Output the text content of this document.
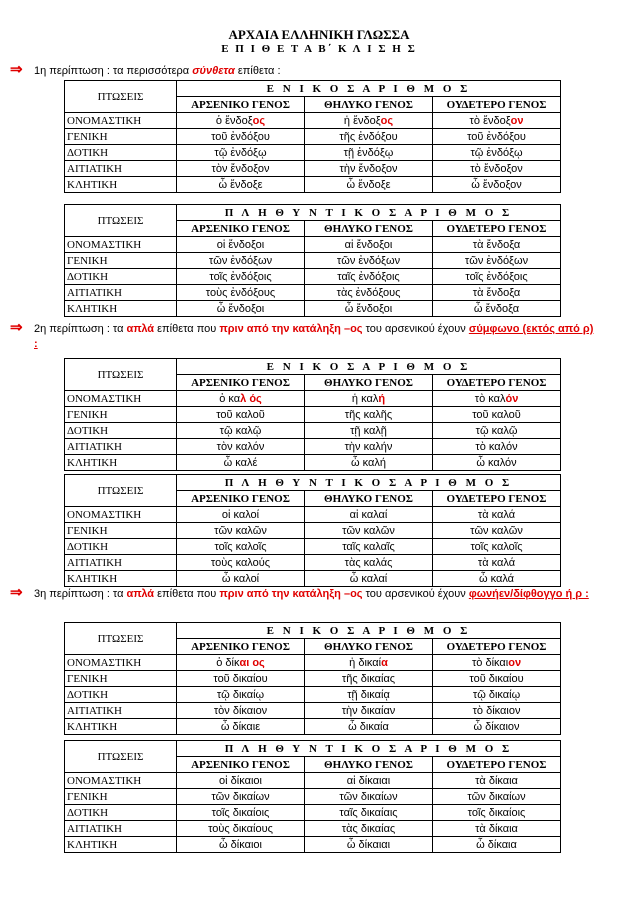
ΑΡΧΑΙΑ ΕΛΛΗΝΙΚΗ ΓΛΩΣΣΑ
Ε Π Ι Θ Ε Τ Α Β΄ Κ Λ Ι Σ Η Σ
⇒ 1η περίπτωση : τα περισσότερα σύνθετα επίθετα :
ΠΤΩΣΕΙΣ	Ε Ν Ι Κ Ο Σ Α Ρ Ι Θ Μ Ο Σ		
	ΑΡΣΕΝΙΚΟ ΓΕΝΟΣ	ΘΗΛΥΚΟ ΓΕΝΟΣ	ΟΥΔΕΤΕΡΟ ΓΕΝΟΣ
ΟΝΟΜΑΣΤΙΚΗ	ὁ ἔνδοξος	ἡ ἔνδοξος	τὸ ἔνδοξον
ΓΕΝΙΚΗ	τοῦ ἐνδόξου	τῆς ἐνδόξου	τοῦ ἐνδόξου
ΔΟΤΙΚΗ	τῷ ἐνδόξῳ	τῇ ἐνδόξῳ	τῷ ἐνδόξῳ
ΑΙΤΙΑΤΙΚΗ	τὸν ἔνδοξον	τὴν ἔνδοξον	τὸ ἔνδοξον
ΚΛΗΤΙΚΗ	ὦ ἔνδοξε	ὦ ἔνδοξε	ὦ ἔνδοξον
ΠΤΩΣΕΙΣ	Π Λ Η Θ Υ Ν Τ Ι Κ Ο Σ Α Ρ Ι Θ Μ Ο Σ		
	ΑΡΣΕΝΙΚΟ ΓΕΝΟΣ	ΘΗΛΥΚΟ ΓΕΝΟΣ	ΟΥΔΕΤΕΡΟ ΓΕΝΟΣ
ΟΝΟΜΑΣΤΙΚΗ	οἱ ἔνδοξοι	αἱ ἔνδοξοι	τὰ ἔνδοξα
ΓΕΝΙΚΗ	τῶν ἐνδόξων	τῶν ἐνδόξων	τῶν ἐνδόξων
ΔΟΤΙΚΗ	τοῖς ἐνδόξοις	ταῖς ἐνδόξοις	τοῖς ἐνδόξοις
ΑΙΤΙΑΤΙΚΗ	τοὺς ἐνδόξους	τὰς ἐνδόξους	τὰ ἔνδοξα
ΚΛΗΤΙΚΗ	ὦ ἔνδοξοι	ὦ ἔνδοξοι	ὦ ἔνδοξα
⇒ 2η περίπτωση : τα απλά επίθετα που πριν από την κατάληξη –ος του αρσενικού έχουν σύμφωνο (εκτός από ρ) :
ΠΤΩΣΕΙΣ	Ε Ν Ι Κ Ο Σ Α Ρ Ι Θ Μ Ο Σ		
	ΑΡΣΕΝΙΚΟ ΓΕΝΟΣ	ΘΗΛΥΚΟ ΓΕΝΟΣ	ΟΥΔΕΤΕΡΟ ΓΕΝΟΣ
ΟΝΟΜΑΣΤΙΚΗ	ὁ καλ ός	ἡ καλή	τὸ καλόν
ΓΕΝΙΚΗ	τοῦ καλοῦ	τῆς καλῆς	τοῦ καλοῦ
ΔΟΤΙΚΗ	τῷ καλῷ	τῇ καλῇ	τῷ καλῷ
ΑΙΤΙΑΤΙΚΗ	τὸν καλόν	τὴν καλήν	τὸ καλόν
ΚΛΗΤΙΚΗ	ὦ καλέ	ὦ καλή	ὦ καλόν
ΠΤΩΣΕΙΣ	Π Λ Η Θ Υ Ν Τ Ι Κ Ο Σ Α Ρ Ι Θ Μ Ο Σ		
	ΑΡΣΕΝΙΚΟ ΓΕΝΟΣ	ΘΗΛΥΚΟ ΓΕΝΟΣ	ΟΥΔΕΤΕΡΟ ΓΕΝΟΣ
ΟΝΟΜΑΣΤΙΚΗ	οἱ καλοί	αἱ καλαί	τὰ καλά
ΓΕΝΙΚΗ	τῶν καλῶν	τῶν καλῶν	τῶν καλῶν
ΔΟΤΙΚΗ	τοῖς καλοῖς	ταῖς καλαῖς	τοῖς καλοῖς
ΑΙΤΙΑΤΙΚΗ	τοὺς καλούς	τὰς καλάς	τὰ καλά
ΚΛΗΤΙΚΗ	ὦ καλοί	ὦ καλαί	ὦ καλά
⇒ 3η περίπτωση : τα απλά επίθετα που πριν από την κατάληξη –ος του αρσενικού έχουν φωνήεν/δίφθογγο ή ρ :
ΠΤΩΣΕΙΣ	Ε Ν Ι Κ Ο Σ Α Ρ Ι Θ Μ Ο Σ		
	ΑΡΣΕΝΙΚΟ ΓΕΝΟΣ	ΘΗΛΥΚΟ ΓΕΝΟΣ	ΟΥΔΕΤΕΡΟ ΓΕΝΟΣ
ΟΝΟΜΑΣΤΙΚΗ	ὁ δίκαι ος	ἡ δικαία	τὸ δίκαιον
ΓΕΝΙΚΗ	τοῦ δικαίου	τῆς δικαίας	τοῦ δικαίου
ΔΟΤΙΚΗ	τῷ δικαίῳ	τῇ δικαίᾳ	τῷ δικαίῳ
ΑΙΤΙΑΤΙΚΗ	τὸν δίκαιον	τὴν δικαίαν	τὸ δίκαιον
ΚΛΗΤΙΚΗ	ὦ δίκαιε	ὦ δικαία	ὦ δίκαιον
ΠΤΩΣΕΙΣ	Π Λ Η Θ Υ Ν Τ Ι Κ Ο Σ Α Ρ Ι Θ Μ Ο Σ		
	ΑΡΣΕΝΙΚΟ ΓΕΝΟΣ	ΘΗΛΥΚΟ ΓΕΝΟΣ	ΟΥΔΕΤΕΡΟ ΓΕΝΟΣ
ΟΝΟΜΑΣΤΙΚΗ	οἱ δίκαιοι	αἱ δίκαιαι	τὰ δίκαια
ΓΕΝΙΚΗ	τῶν δικαίων	τῶν δικαίων	τῶν δικαίων
ΔΟΤΙΚΗ	τοῖς δικαίοις	ταῖς δικαίαις	τοῖς δικαίοις
ΑΙΤΙΑΤΙΚΗ	τοὺς δικαίους	τὰς δικαίας	τὰ δίκαια
ΚΛΗΤΙΚΗ	ὦ δίκαιοι	ὦ δίκαιαι	ὦ δίκαια
